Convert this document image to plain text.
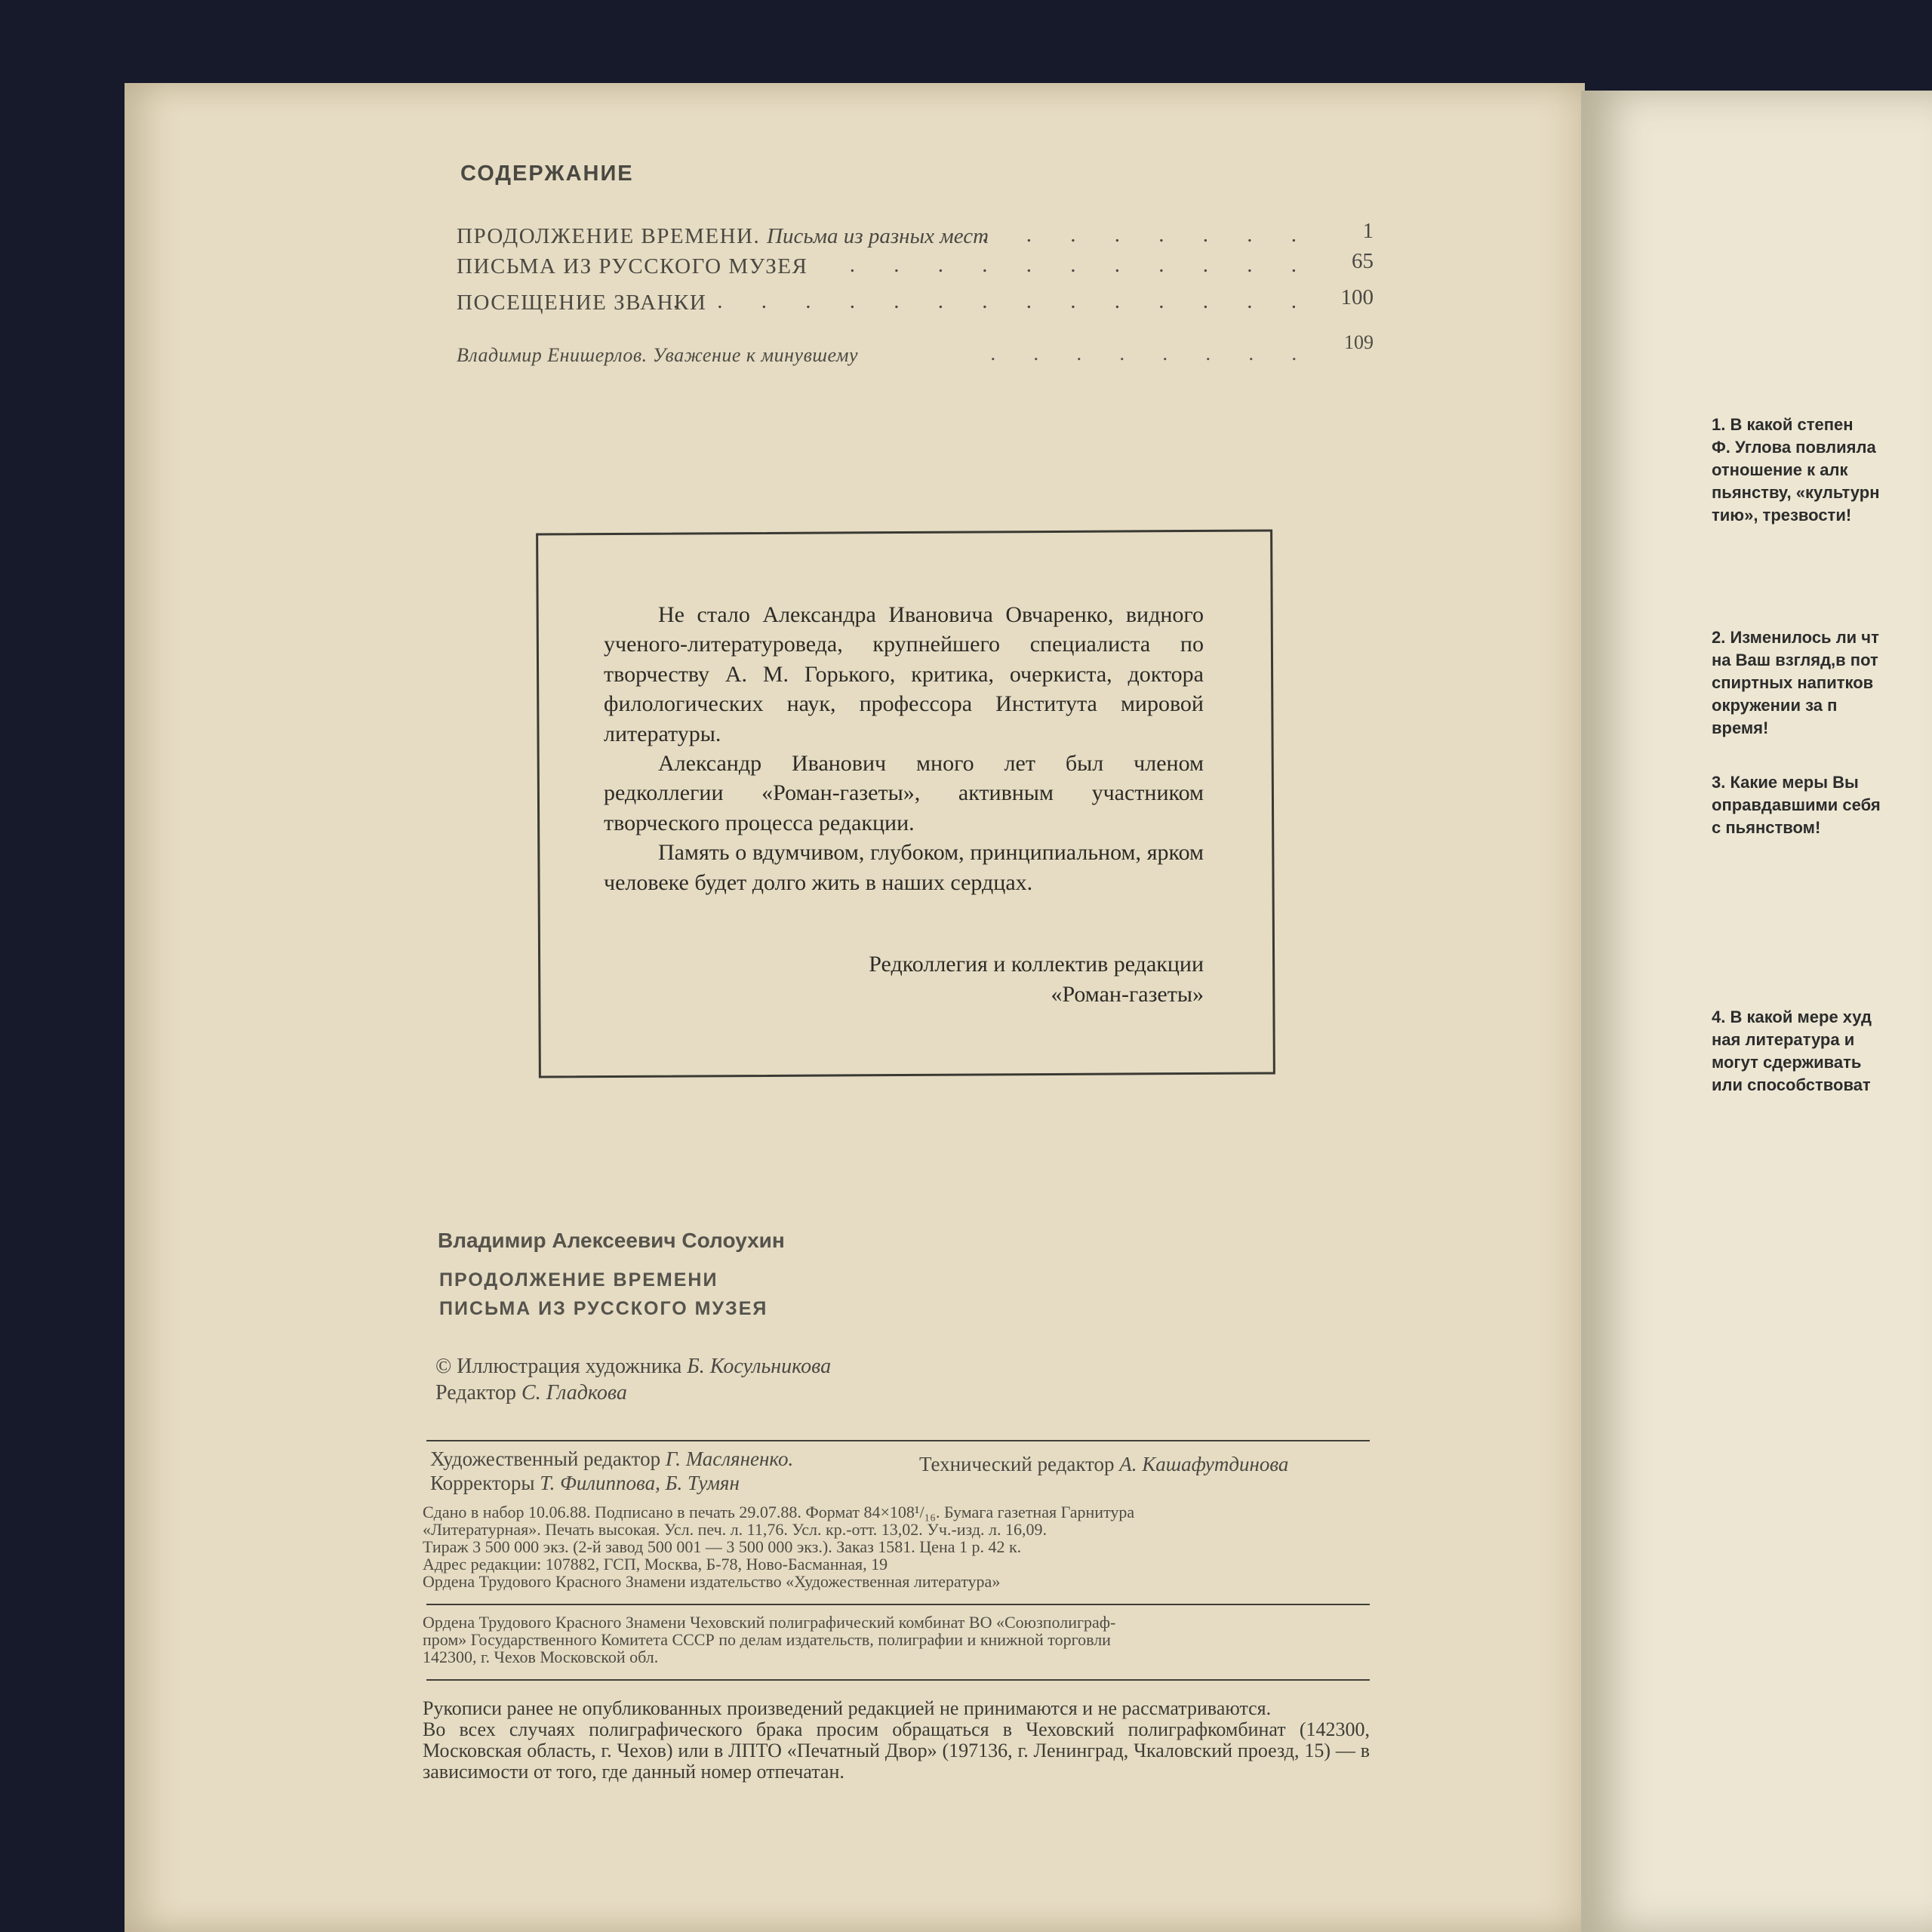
СОДЕРЖАНИЕ
ПРОДОЛЖЕНИЕ ВРЕМЕНИ. Письма из разных мест
. . . . . . . . 1
ПИСЬМА ИЗ РУССКОГО МУЗЕЯ . . . . . . . . . . . 65
ПОСЕЩЕНИЕ ЗВАНКИ
. . . . . . . . . . . . . . . 100
Владимир Енишерлов. Уважение к минувшему	. . . . . . . .
109

Не стало Александра Ивановича Овчаренко, видного ученого-литературоведа, крупнейшего специалиста по творчеству А. М. Горького, критика, очеркиста, доктора филологических наук, профессора Института мировой литературы.

Александр Иванович много лет был членом редколлегии «Роман-газеты», активным участником творческого процесса редакции.

Память о вдумчивом, глубоком, принципиальном, ярком человеке будет долго жить в наших сердцах.

Редколлегия и коллектив редакции
«Роман-газеты»
Владимир Алексеевич Солоухин
ПРОДОЛЖЕНИЕ ВРЕМЕНИ
ПИСЬМА ИЗ РУССКОГО МУЗЕЯ
© Иллюстрация художника Б. Косульникова
Редактор С. Гладкова
Художественный редактор Г. Масляненко.	Технический редактор А. Кашафутдинова
Корректоры Т. Филиппова, Б. Тумян

Сдано в набор 10.06.88. Подписано в печать 29.07.88. Формат 84×108¹/₁₆. Бумага газетная Гарнитура

«Литературная». Печать высокая. Усл. печ. л. 11,76. Усл. кр.-отт. 13,02. Уч.-изд. л. 16,09.

Тираж 3 500 000 экз. (2-й завод 500 001 — 3 500 000 экз.). Заказ 1581. Цена 1 р. 42 к.

Адрес редакции: 107882, ГСП, Москва, Б-78, Ново-Басманная, 19

Ордена Трудового Красного Знамени издательство «Художественная литература»

Ордена Трудового Красного Знамени Чеховский полиграфический комбинат ВО «Союзполиграф-

пром» Государственного Комитета СССР по делам издательств, полиграфии и книжной торговли

142300, г. Чехов Московской обл.

Рукописи ранее не опубликованных произведений редакцией не принимаются и не рассматриваются.

Во всех случаях полиграфического брака просим обращаться в Чеховский полиграфкомбинат (142300, Московская область, г. Чехов) или в ЛПТО «Печатный Двор» (197136, г. Ленинград, Чкаловский проезд, 15) — в зависимости от того, где данный номер отпечатан.

1. В какой степен
Ф. Углова повлияла
отношение к алк
пьянству, «культурн
тию», трезвости!
2. Изменилось ли чт
на Ваш взгляд,в пот
спиртных напитков
окружении за п
время!
3. Какие меры Вы
оправдавшими себя
с пьянством!
4. В какой мере худ
ная литература и
могут сдерживать
или способствоват
